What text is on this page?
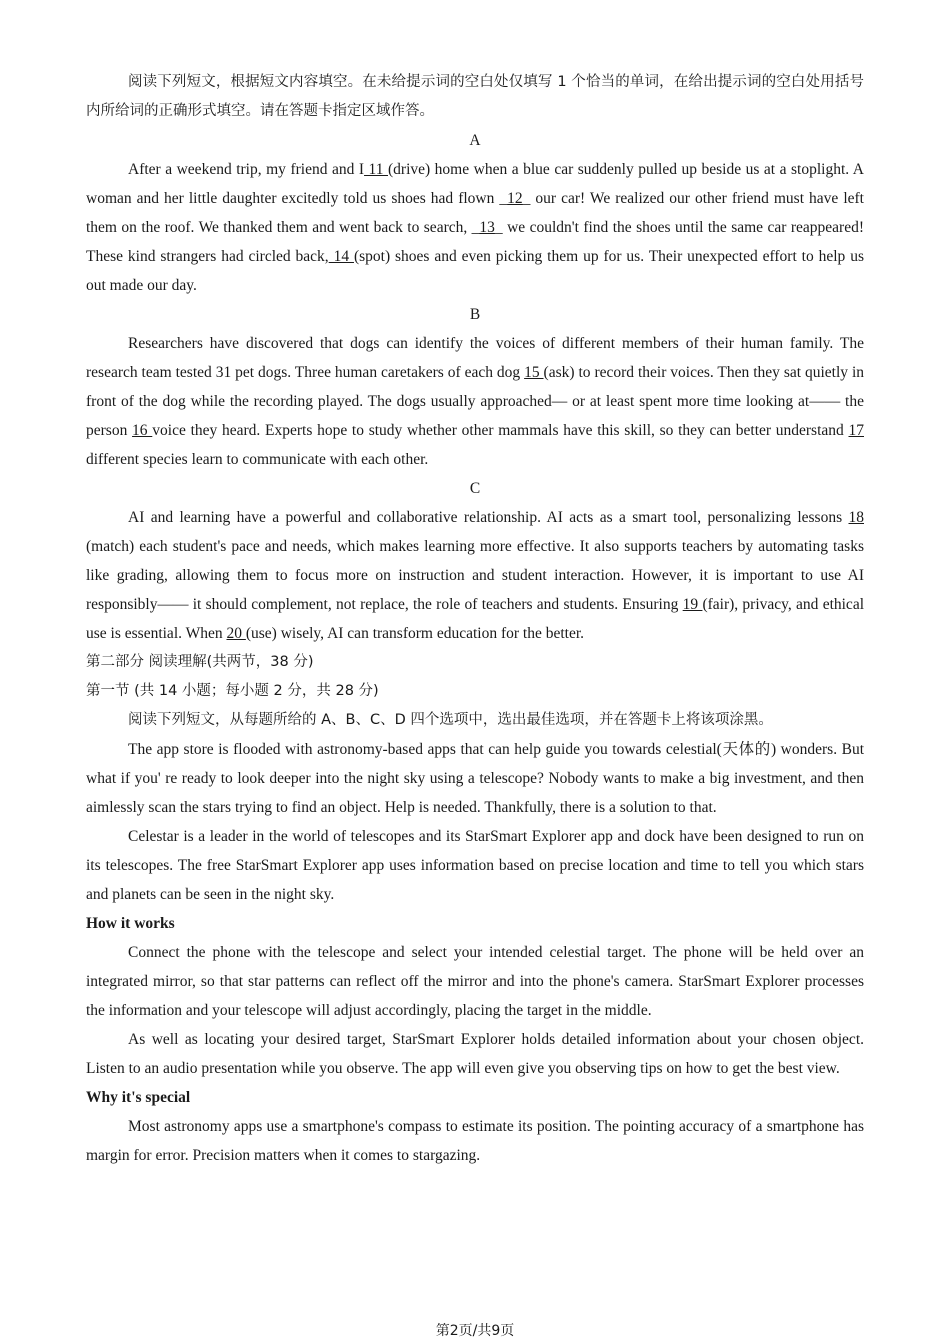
阅读下列短文，根据短文内容填空。在未给提示词的空白处仅填写 1 个恰当的单词，在给出提示词的空白处用括号内所给词的正确形式填空。请在答题卡指定区域作答。

A

After a weekend trip, my friend and I 11 (drive) home when a blue car suddenly pulled up beside us at a stoplight. A woman and her little daughter excitedly told us shoes had flown _12_ our car! We realized our other friend must have left them on the roof. We thanked them and went back to search, _13_ we couldn't find the shoes until the same car reappeared! These kind strangers had circled back, 14 (spot) shoes and even picking them up for us. Their unexpected effort to help us out made our day.

B

Researchers have discovered that dogs can identify the voices of different members of their human family. The research team tested 31 pet dogs. Three human caretakers of each dog 15 (ask) to record their voices. Then they sat quietly in front of the dog while the recording played. The dogs usually approached— or at least spent more time looking at—— the person 16 voice they heard. Experts hope to study whether other mammals have this skill, so they can better understand 17 different species learn to communicate with each other.

C

AI and learning have a powerful and collaborative relationship. AI acts as a smart tool, personalizing lessons 18 (match) each student's pace and needs, which makes learning more effective. It also supports teachers by automating tasks like grading, allowing them to focus more on instruction and student interaction. However, it is important to use AI responsibly—— it should complement, not replace, the role of teachers and students. Ensuring 19 (fair), privacy, and ethical use is essential. When 20 (use) wisely, AI can transform education for the better.

第二部分 阅读理解(共两节，38 分)

第一节 (共 14 小题；每小题 2 分，共 28 分)

阅读下列短文，从每题所给的 A、B、C、D 四个选项中，选出最佳选项，并在答题卡上将该项涂黑。

The app store is flooded with astronomy-based apps that can help guide you towards celestial(天体的) wonders. But what if you' re ready to look deeper into the night sky using a telescope? Nobody wants to make a big investment, and then aimlessly scan the stars trying to find an object. Help is needed. Thankfully, there is a solution to that.

Celestar is a leader in the world of telescopes and its StarSmart Explorer app and dock have been designed to run on its telescopes. The free StarSmart Explorer app uses information based on precise location and time to tell you which stars and planets can be seen in the night sky.

How it works

Connect the phone with the telescope and select your intended celestial target. The phone will be held over an integrated mirror, so that star patterns can reflect off the mirror and into the phone's camera. StarSmart Explorer processes the information and your telescope will adjust accordingly, placing the target in the middle.

As well as locating your desired target, StarSmart Explorer holds detailed information about your chosen object. Listen to an audio presentation while you observe. The app will even give you observing tips on how to get the best view.

Why it's special

Most astronomy apps use a smartphone's compass to estimate its position. The pointing accuracy of a smartphone has margin for error. Precision matters when it comes to stargazing.

第2页/共9页
